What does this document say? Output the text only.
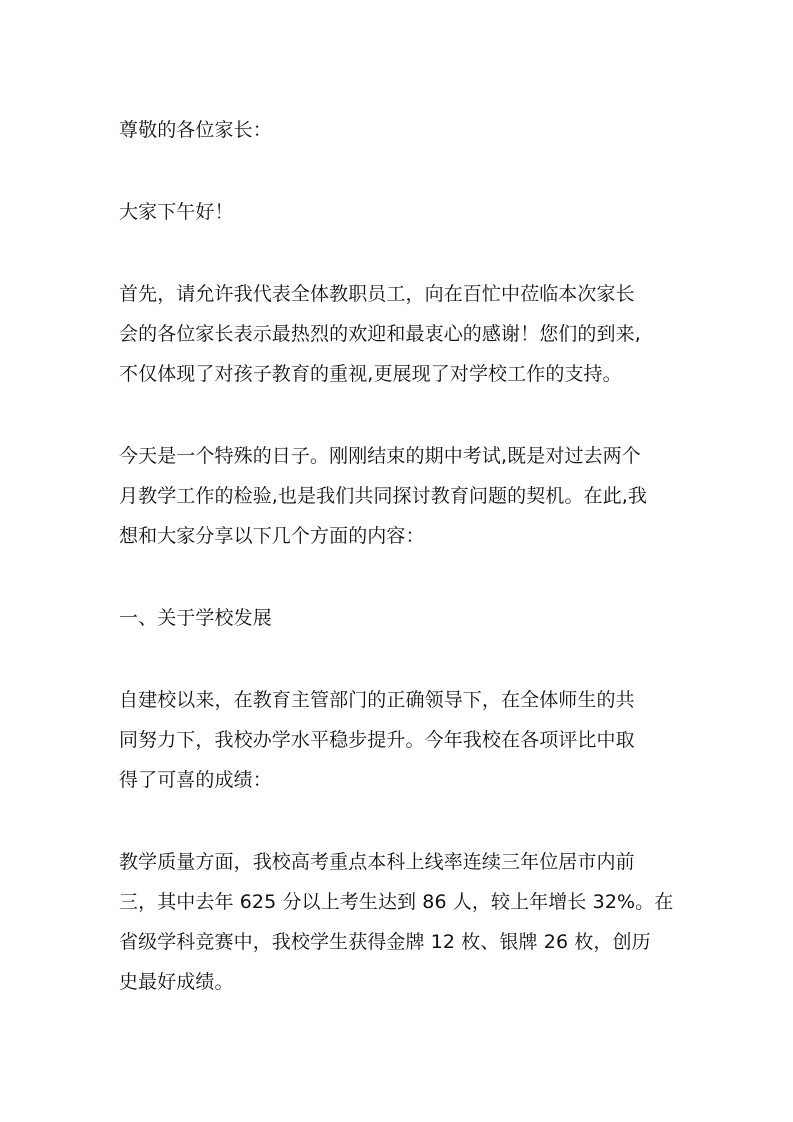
尊敬的各位家长：

大家下午好！

首先，请允许我代表全体教职员工，向在百忙中莅临本次家长
会的各位家长表示最热烈的欢迎和最衷心的感谢！您们的到来,
不仅体现了对孩子教育的重视,更展现了对学校工作的支持。

今天是一个特殊的日子。刚刚结束的期中考试,既是对过去两个
月教学工作的检验,也是我们共同探讨教育问题的契机。在此,我
想和大家分享以下几个方面的内容：

一、关于学校发展

自建校以来，在教育主管部门的正确领导下，在全体师生的共
同努力下，我校办学水平稳步提升。今年我校在各项评比中取
得了可喜的成绩：

教学质量方面，我校高考重点本科上线率连续三年位居市内前
三，其中去年 625 分以上考生达到 86 人，较上年增长 32%。在
省级学科竞赛中，我校学生获得金牌 12 枚、银牌 26 枚，创历
史最好成绩。
